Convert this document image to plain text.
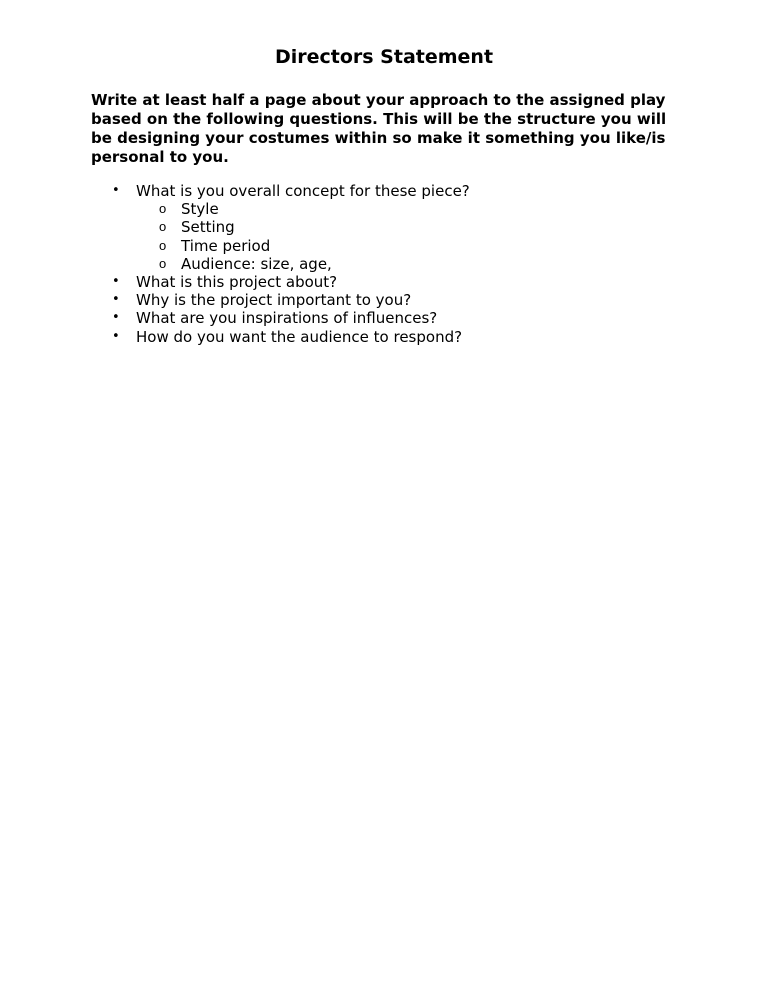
Directors Statement
Write at least half a page about your approach to the assigned play based on the following questions. This will be the structure you will be designing your costumes within so make it something you like/is personal to you.
• What is you overall concept for these piece?
o Style
o Setting
o Time period
o Audience: size, age,
• What is this project about?
• Why is the project important to you?
• What are you inspirations of influences?
• How do you want the audience to respond?
